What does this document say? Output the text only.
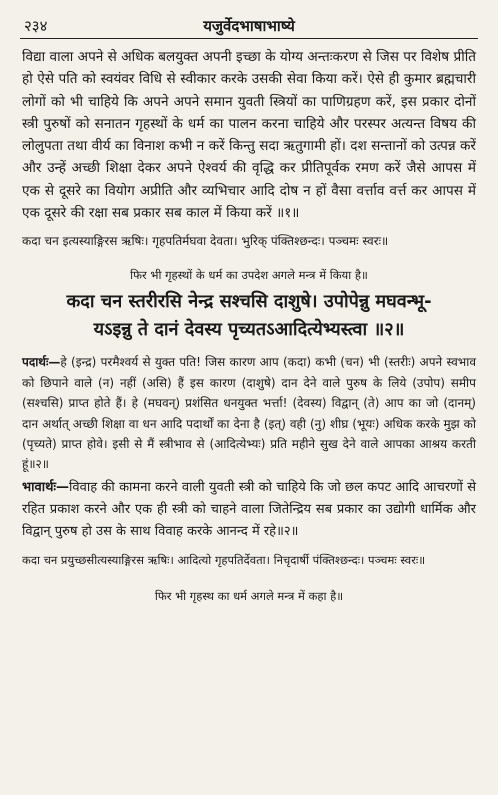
२३४	यजुर्वेदभाषाभाष्ये

विद्या वाला अपने से अधिक बलयुक्त अपनी इच्छा के योग्य अन्तःकरण से जिस पर विशेष प्रीति हो ऐसे पति को स्वयंवर विधि से स्वीकार करके उसकी सेवा किया करें। ऐसे ही कुमार ब्रह्मचारी लोगों को भी चाहिये कि अपने अपने समान युवती स्त्रियों का पाणिग्रहण करें, इस प्रकार दोनों स्त्री पुरुषों को सनातन गृहस्थों के धर्म का पालन करना चाहिये और परस्पर अत्यन्त विषय की लोलुपता तथा वीर्य का विनाश कभी न करें किन्तु सदा ऋतुगामी हों। दश सन्तानों को उत्पन्न करें और उन्हें अच्छी शिक्षा देकर अपने ऐश्वर्य की वृद्धि कर प्रीतिपूर्वक रमण करें जैसे आपस में एक से दूसरे का वियोग अप्रीति और व्यभिचार आदि दोष न हों वैसा वर्त्ताव वर्त्त कर आपस में एक दूसरे की रक्षा सब प्रकार सब काल में किया करें ॥१॥

कदा चन इत्यस्याङ्गिरस ऋषिः। गृहपतिर्मघवा देवता। भुरिक् पंक्तिश्छन्दः। पञ्चमः स्वरः॥

फिर भी गृहस्थों के धर्म का उपदेश अगले मन्त्र में किया है॥

कदा चन स्तरीरसि नेन्द्र सश्चसि दाशुषे। उपोपेन्नु मघवन्भू-

यऽइन्नु ते दानं देवस्य पृच्यतऽआदित्येभ्यस्त्वा ॥२॥

पदार्थः—हे (इन्द्र) परमैश्वर्य से युक्त पति! जिस कारण आप (कदा) कभी (चन) भी (स्तरीः) अपने स्वभाव को छिपाने वाले (न) नहीं (असि) हैं इस कारण (दाशुषे) दान देने वाले पुरुष के लिये (उपोप) समीप (सश्चसि) प्राप्त होते हैं। हे (मघवन्) प्रशंसित धनयुक्त भर्त्ता! (देवस्य) विद्वान् (ते) आप का जो (दानम्) दान अर्थात् अच्छी शिक्षा वा धन आदि पदार्थों का देना है (इत्) वही (नु) शीघ्र (भूयः) अधिक करके मुझ को (पृच्यते) प्राप्त होवे। इसी से मैं स्त्रीभाव से (आदित्येभ्यः) प्रति महीने सुख देने वाले आपका आश्रय करती हूं॥२॥

भावार्थः—विवाह की कामना करने वाली युवती स्त्री को चाहिये कि जो छल कपट आदि आचरणों से रहित प्रकाश करने और एक ही स्त्री को चाहने वाला जितेन्द्रिय सब प्रकार का उद्योगी धार्मिक और विद्वान् पुरुष हो उस के साथ विवाह करके आनन्द में रहे॥२॥

कदा चन प्रयुच्छसीत्यस्याङ्गिरस ऋषिः। आदित्यो गृहपतिर्देवता। निचृदार्षी पंक्तिश्छन्दः। पञ्चमः स्वरः॥

फिर भी गृहस्थ का धर्म अगले मन्त्र में कहा है॥
